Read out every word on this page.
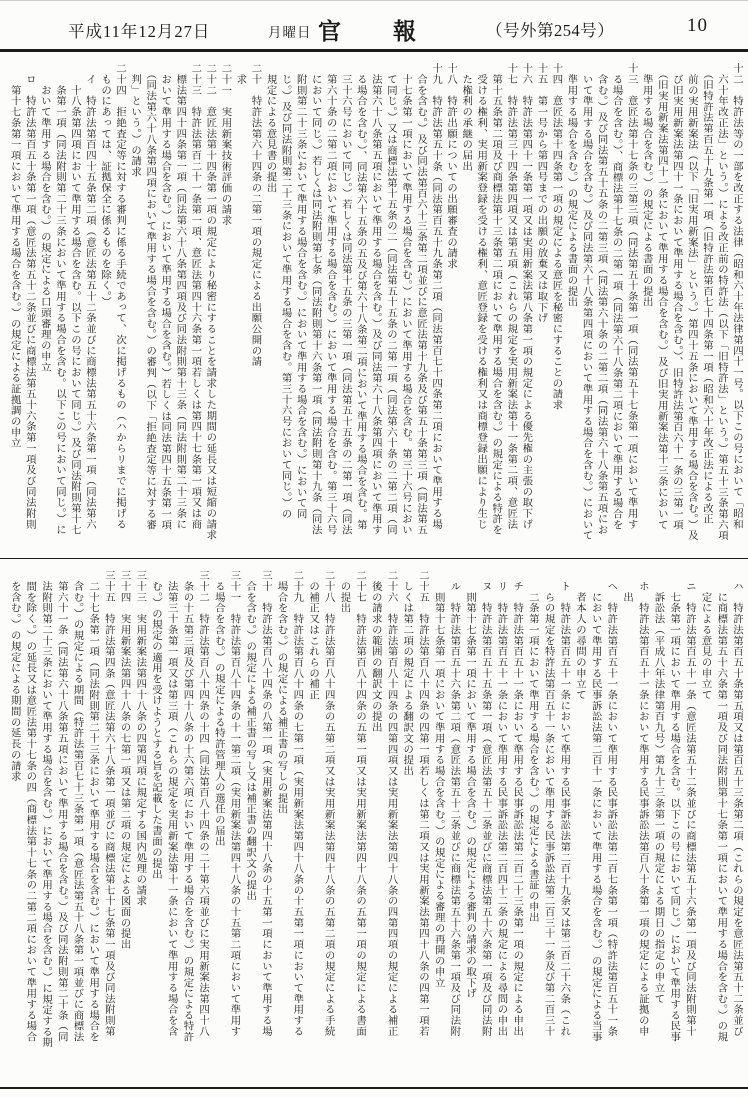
平成11年12月27日	月曜日 官　　報	（号外第254号）	10
十二　特許法等の一部を改正する法律（昭和六十年法律第四十一号。以下この号において「昭和
　六十年改正法」という。）による改正前の特許法（以下「旧特許法」という。）第五十三条第六項
　（旧特許法第百五十九条第一項（旧特許法第百七十四条第一項（昭和六十年改正法による改正
　前の実用新案法（以下「旧実用新案法」という。）第四十五条において準用する場合を含む。）及
　び旧実用新案法第四十一条において準用する場合を含む。）、旧特許法第百六十一条の三第一項
　（旧実用新案法第四十一条において準用する場合を含む。）及び旧実用新案法第十三条において
　準用する場合を含む。）の規定による書面の提出
十三　意匠法第十七条の三第三項（同法第五十条第一項（同法第五十七条第一項において準用す
　る場合を含む。）、商標法第十七条の二第一項（同法第六十八条第二項において準用する場合を
　含む。）及び同法第五十五条の二第三項（同法第六十条の二第二項（同法第六十八条第五項にお
　いて準用する場合を含む。）及び同法第六十八条第四項において準用する場合を含む。）において
　準用する場合を含む。）の規定による書面の提出
十四　意匠法第十四条第一項の規定による意匠を秘密にすることの請求
十五　第一号から第四号までの出願の放棄又は取下げ
十六　特許法第四十一条第一項又は実用新案法第八条第一項の規定による優先権の主張の取下げ
十七　特許法第三十四条第四項又は第五項（これらの規定を実用新案法第十一条第二項、意匠法
　第十五条第二項及び商標法第十三条第二項において準用する場合を含む。）の規定による特許を
　受ける権利、実用新案登録を受ける権利、意匠登録を受ける権利又は商標登録出願により生じ
　た権利の承継の届出
十八　特許出願についての出願審査の請求
十九　特許法第五十条（同法第百五十九条第二項（同法第百七十四条第二項において準用する場
　合を含む。）及び同法第百六十三条第二項並びに意匠法第十九条及び第五十条第三項（同法第五
　十七条第一項において準用する場合を含む。）において準用する場合を含む。第三十六号におい
　て同じ。）又は商標法第十五条の二（同法第五十五条の二第一項（同法第六十条の二第二項（同
　法第六十八条第五項において準用する場合を含む。）及び同法第六十八条第四項において準用す
　る場合を含む。）、同法第六十五条の五及び第六十八条第二項において準用する場合を含む。第
　三十六号において同じ。）若しくは同法第十五条の三第一項（同法第五十五条の二第一項（同法
　第六十条の二第二項において準用する場合を含む。）において準用する場合を含む。第三十六号
　において同じ。）若しくは同法附則第七条（同法附則第十六条第一項（同法附則第十九条（同法
　附則第二十三条において準用する場合を含む。）において準用する場合を含む。）において同
　じ。）及び同法附則第二十三条において準用する場合を含む。第三十六号において同じ。）の
　規定による意見書の提出
二十　特許法第六十四条の二第一項の規定による出願公開の請
　求
二十一　実用新案技術評価の請求
二十二　意匠法第十四条第一項の規定により秘密にすることを請求した期間の延長又は短縮の請求
二十三　特許法第百二十一条第一項、意匠法第四十六条第一項若しくは第四十七条第一項又は商
　標法第四十四条第一項（同法第六十八条第四項及び同法附則第十三条（同法附則第二十三条に
　おいて準用する場合を含む。）において準用する場合を含む。）若しくは同法第四十五条第一項
　（同法第六十八条第四項において準用する場合を含む。）の審判（以下「拒絶査定等に対する審
　判」という。）の請求
二十四　拒絶査定等に対する審判に係る手続であって、次に掲げるもの（ハからリまでに掲げる
　ものにあっては、証拠保全に係るものを除く。）
　イ　特許法第百四十五条第二項（意匠法第五十二条並びに商標法第五十六条第一項（同法第六
　　十八条第四項において準用する場合を含む。以下この号において同じ。）及び同法附則第十七
　　条第一項（同法附則第二十三条において準用する場合を含む。以下この号において同じ。）に
　　おいて準用する場合を含む。）の規定による口頭審理の申立
　ロ　特許法第百五十条第一項（意匠法第五十二条並びに商標法第五十六条第一項及び同法附則
　　第十七条第一項において準用する場合を含む。）の規定による証拠調の申立
　ハ　特許法第百五十条第五項又は第百五十三条第二項（これらの規定を意匠法第五十二条並び
　　に商標法第五十六条第一項及び同法附則第十七条第一項において準用する場合を含む。）の規
　　定による意見の申立て
　ニ　特許法第百五十一条（意匠法第五十二条並びに商標法第五十六条第一項及び同法附則第十
　　七条第一項において準用する場合を含む。以下この号において同じ。）において準用する民事
　　訴訟法（平成八年法律第百九号）第九十三条第一項の規定による期日の指定の申立て
　ホ　特許法第百五十一条において準用する民事訴訟法第百八十条第一項の規定による証拠の申
　　出
　ヘ　特許法第百五十一条において準用する民事訴訟法第二百七条第一項（特許法第百五十一条
　　において準用する民事訴訟法第二百十一条において準用する場合を含む。）の規定による当事
　　者本人の尋問の申立て
　ト　特許法第百五十一条において準用する民事訴訟法第二百十九条又は第二百二十六条（これ
　　らの規定を特許法第百五十一条において準用する民事訴訟法第二百三十一条及び第二百三十
　　二条第一項において準用する場合を含む。）の規定による書証の申出
　チ　特許法第百五十一条において準用する民事訴訟法第二百二十三条第一項の規定による申出
　リ　特許法第百五十一条において準用する民事訴訟法第二百四十二条の規定による尋問の申出
　ヌ　特許法第百五十五条第一項（意匠法第五十二条並びに商標法第五十六条第一項及び同法附
　　則第十七条第一項において準用する場合を含む。）の規定による審判の請求の取下げ
　ル　特許法第百五十六条第二項（意匠法第五十二条並びに商標法第五十六条第一項及び同法附
　　則第十七条第一項において準用する場合を含む。）の規定による審理の再開の申立
二十五　特許法第百八十四条の四第一項若しくは第二項又は実用新案法第四十八条の四第一項若
　しくは第二項の規定による翻訳文の提出
二十六　特許法第百八十四条の四第四項又は実用新案法第四十八条の四第四項の規定による補正
　後の請求の範囲の翻訳文の提出
二十七　特許法第百八十四条の五第一項又は実用新案法第四十八条の五第一項の規定による書面
　の提出
二十八　特許法第百八十四条の五第二項又は実用新案法第四十八条の五第二項の規定による手続
　の補正又はこれらの補正
二十九　特許法第百八十四条の七第一項（実用新案法第四十八条の十五第一項において準用する
　場合を含む。）の規定による補正書の写しの提出
三十　特許法第百八十四条の八第一項（実用新案法第四十八条の十五第一項において準用する場
　合を含む。）の規定による補正書の写し又は補正書の翻訳文の提出
三十一　特許法第百八十四条の十一第二項（実用新案法第四十八条の十五第二項において準用す
　る場合を含む。）の規定による特許管理人の選任の届出
三十二　特許法第百八十四条の十四（同法第百八十四条の二十第六項並びに実用新案法第四十八
　条の十五第三項及び第四十八条の十六第六項において準用する場合を含む。）の規定による特許
　法第三十条第一項又は第三項（これらの規定を実用新案法第十一条において準用する場合を含
　む。）の規定の適用を受けようとする旨を記載した書面の提出
三十三　実用新案法第四十八条の四第四項に規定する国内処理の請求
三十四　実用新案法第四十八条の七第一項又は第二項の規定による図面の提出
三十五　特許法第四条（意匠法第六十八条第一項並びに商標法第七十七条第一項及び同法附則第
　二十七条第一項（同法附則第二十三条において準用する場合を含む。）において準用する場合を
　含む。）の規定による期間（特許法第百七十三条第一項（意匠法第五十八条第一項並びに商標法
　第六十一条（同法第六十八条第五項において準用する場合を含む。）及び同法附則第二十条（同
　法附則第二十三条において準用する場合を含む。）において準用する場合を含む。）に規定する期
　間を除く。）の延長又は意匠法第十七条の四（商標法第十七条の二第二項において準用する場合
　を含む。）の規定による期間の延長の請求
